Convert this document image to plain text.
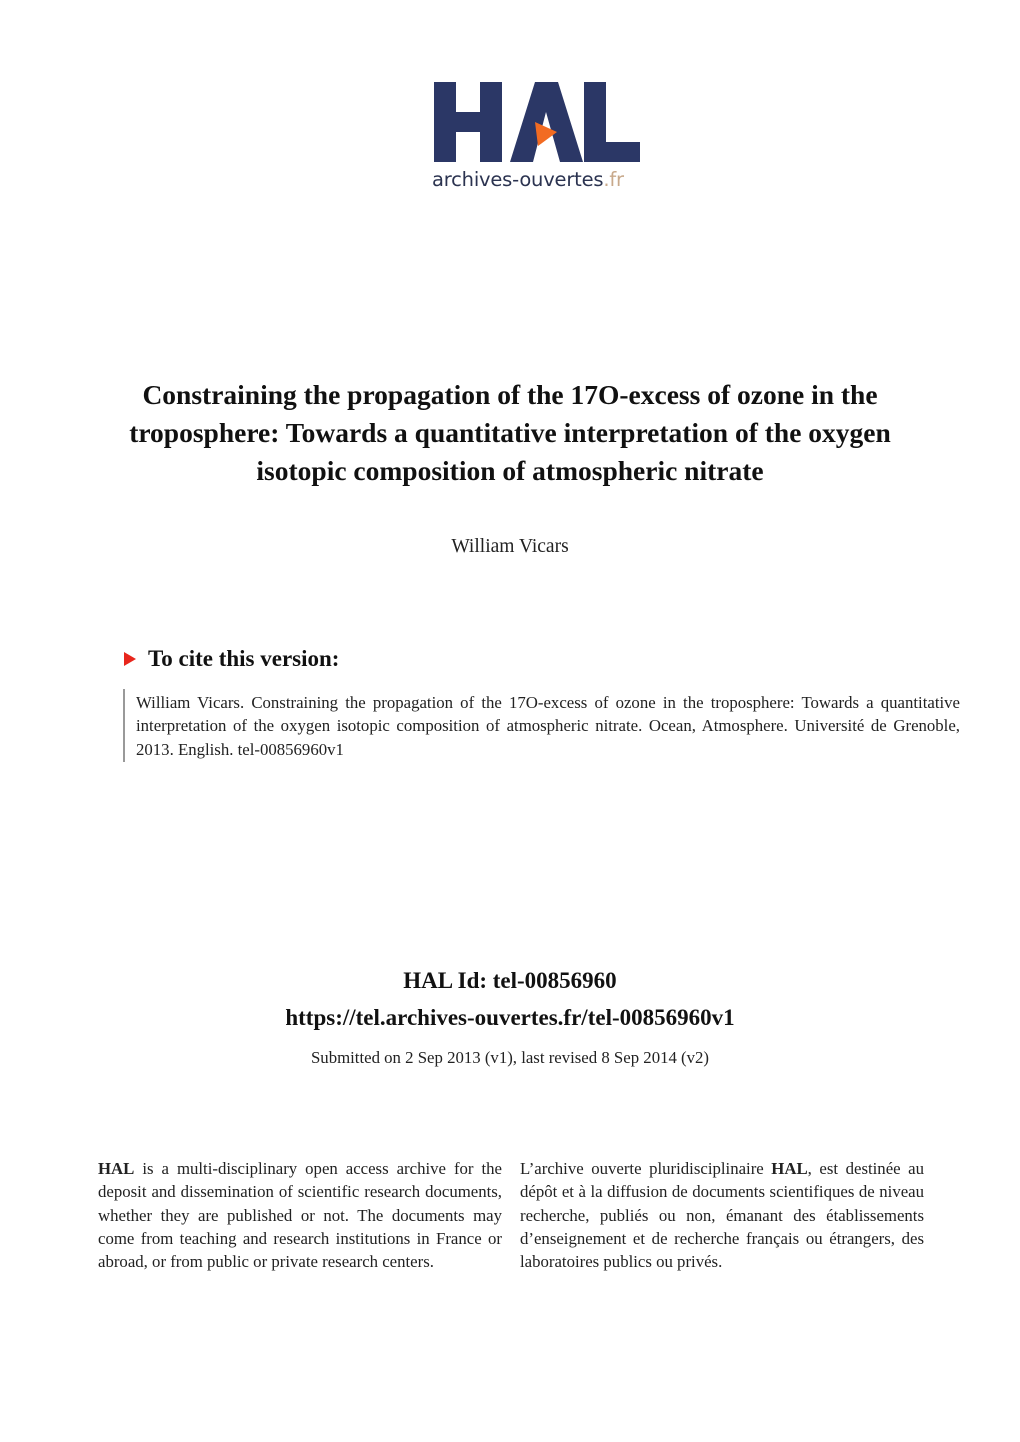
archives-ouvertes.fr
Constraining the propagation of the 17O-excess of ozone in the troposphere: Towards a quantitative interpretation of the oxygen isotopic composition of atmospheric nitrate
William Vicars
To cite this version:
William Vicars. Constraining the propagation of the 17O-excess of ozone in the troposphere: Towards a quantitative interpretation of the oxygen isotopic composition of atmospheric nitrate. Ocean, Atmosphere. Université de Grenoble, 2013. English. tel-00856960v1
HAL Id: tel-00856960
https://tel.archives-ouvertes.fr/tel-00856960v1
Submitted on 2 Sep 2013 (v1), last revised 8 Sep 2014 (v2)
HAL is a multi-disciplinary open access archive for the deposit and dissemination of scientific research documents, whether they are published or not. The documents may come from teaching and research institutions in France or abroad, or from public or private research centers.
L’archive ouverte pluridisciplinaire HAL, est destinée au dépôt et à la diffusion de documents scientifiques de niveau recherche, publiés ou non, émanant des établissements d’enseignement et de recherche français ou étrangers, des laboratoires publics ou privés.
